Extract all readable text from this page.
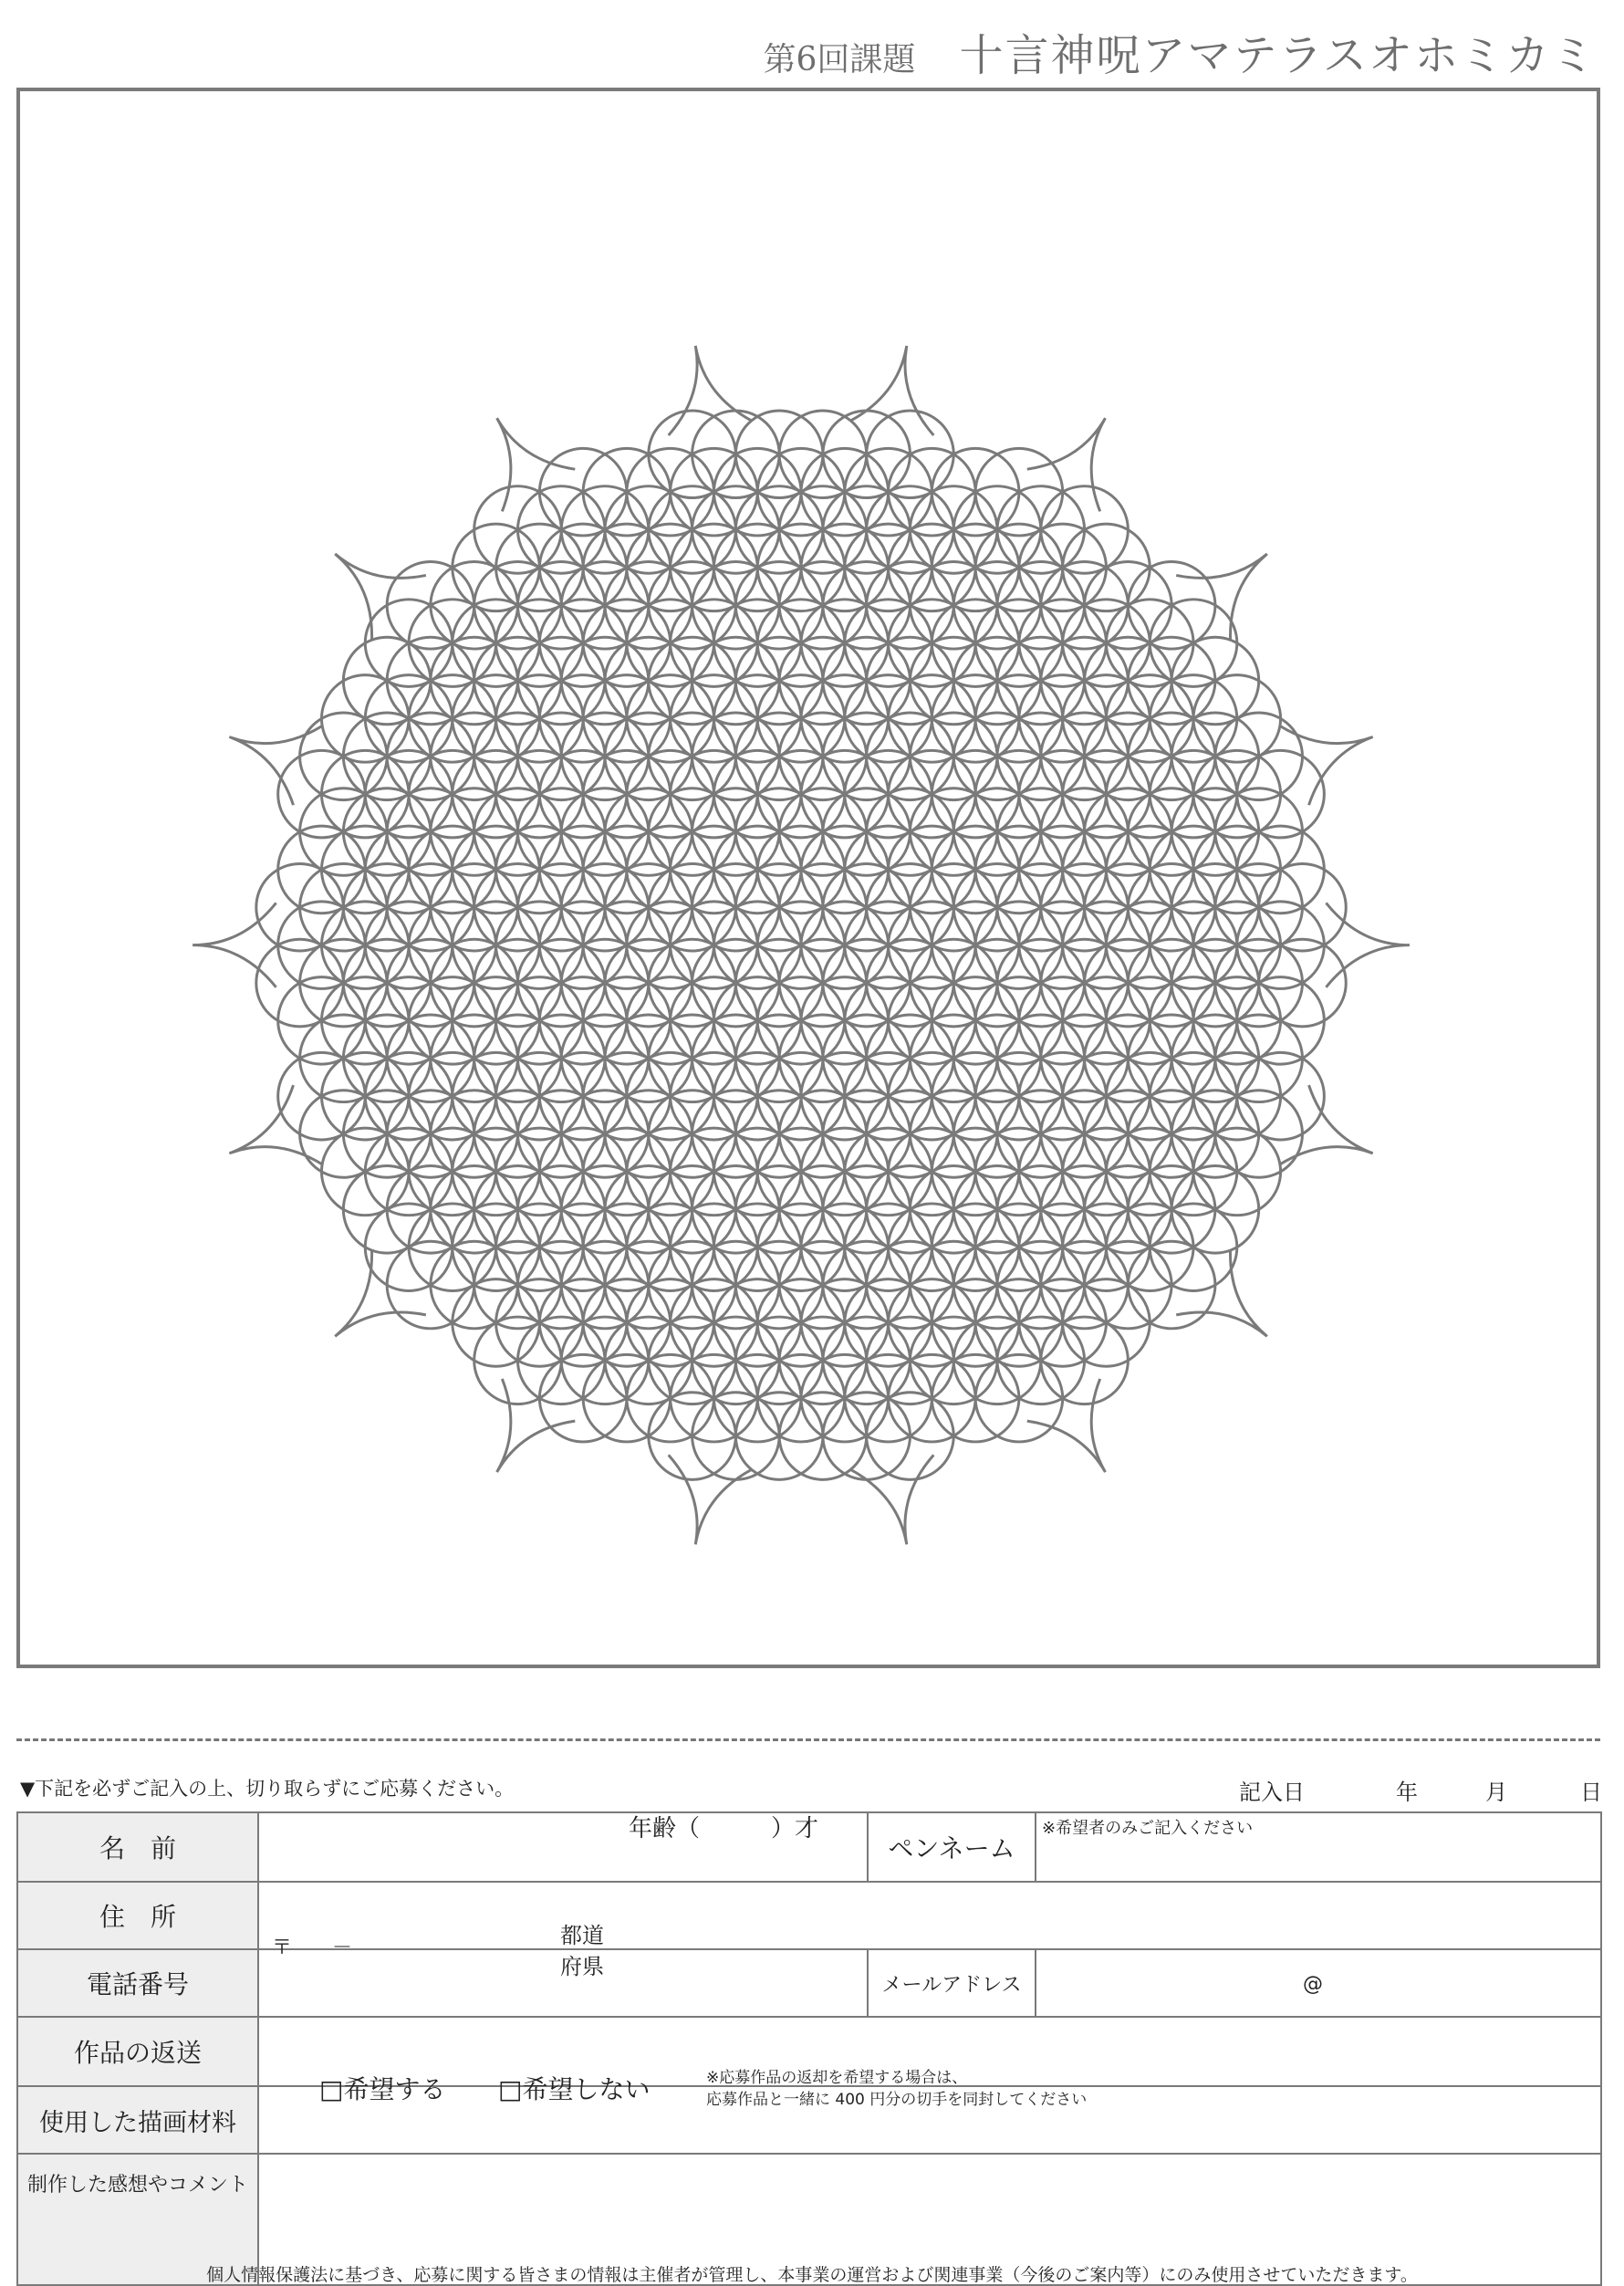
第6回課題 十言神呪アマテラスオホミカミ
▼下記を必ずご記入の上、切り取らずにご応募ください。	記入日	年	月	日
名　前	年齢（　　　）才	ペンネーム	※希望者のみご記入ください

住　所	〒　　－ 都道
府県		

電話番号		メールアドレス	@
作品の返送	□希望する □希望しない ※応募作品の返却を希望する場合は、
応募作品と一緒に 400 円分の切手を同封してください		

使用した描画材料			
制作した感想やコメント			
個人情報保護法に基づき、応募に関する皆さまの情報は主催者が管理し、本事業の運営および関連事業（今後のご案内等）にのみ使用させていただきます。
